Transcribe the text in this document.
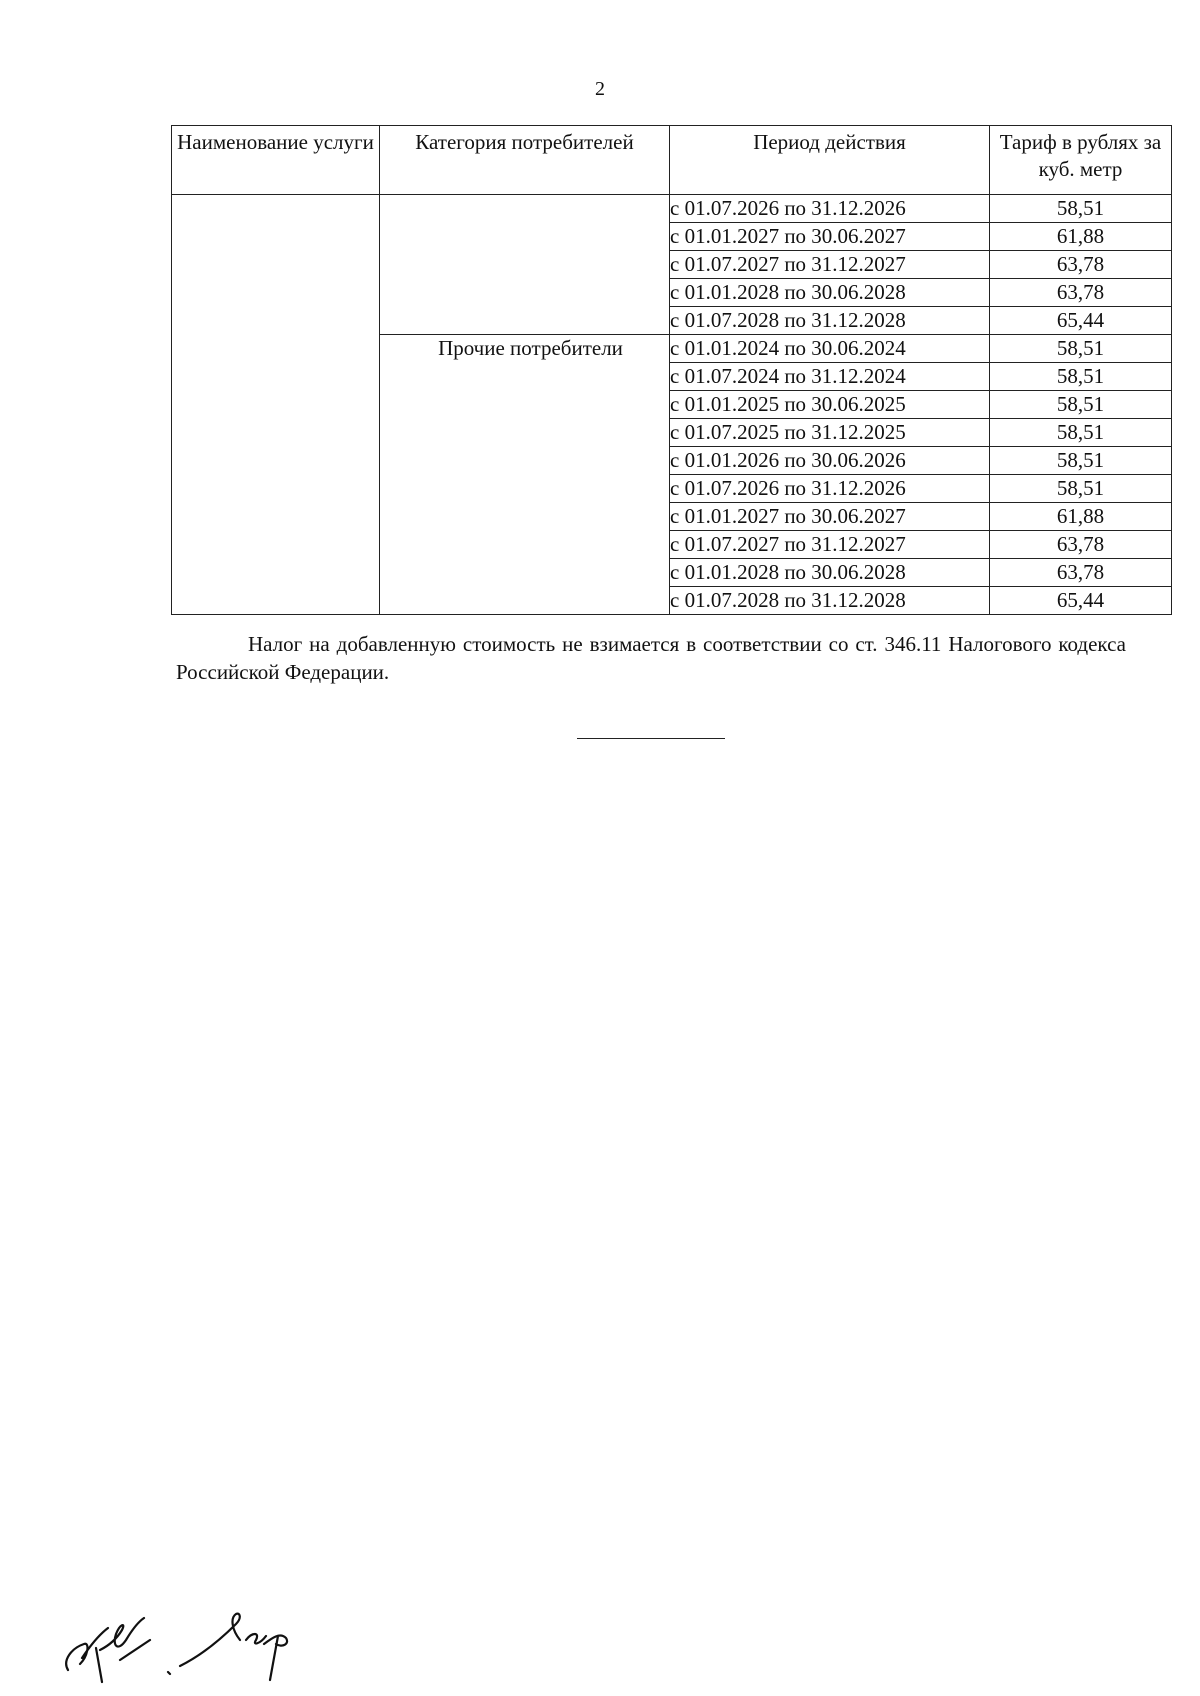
2
Наименование услуги	Категория потребителей	Период действия	Тариф в рублях за куб. метр
		с 01.07.2026 по 31.12.2026	58,51
		с 01.01.2027 по 30.06.2027	61,88
		с 01.07.2027 по 31.12.2027	63,78
		с 01.01.2028 по 30.06.2028	63,78
		с 01.07.2028 по 31.12.2028	65,44

	Прочие потребители	с 01.01.2024 по 30.06.2024	58,51
		с 01.07.2024 по 31.12.2024	58,51
		с 01.01.2025 по 30.06.2025	58,51
		с 01.07.2025 по 31.12.2025	58,51
		с 01.01.2026 по 30.06.2026	58,51
		с 01.07.2026 по 31.12.2026	58,51
		с 01.01.2027 по 30.06.2027	61,88
		с 01.07.2027 по 31.12.2027	63,78
		с 01.01.2028 по 30.06.2028	63,78
		с 01.07.2028 по 31.12.2028	65,44
Налог на добавленную стоимость не взимается в соответствии со ст. 346.11 Налогового кодекса Российской Федерации.
